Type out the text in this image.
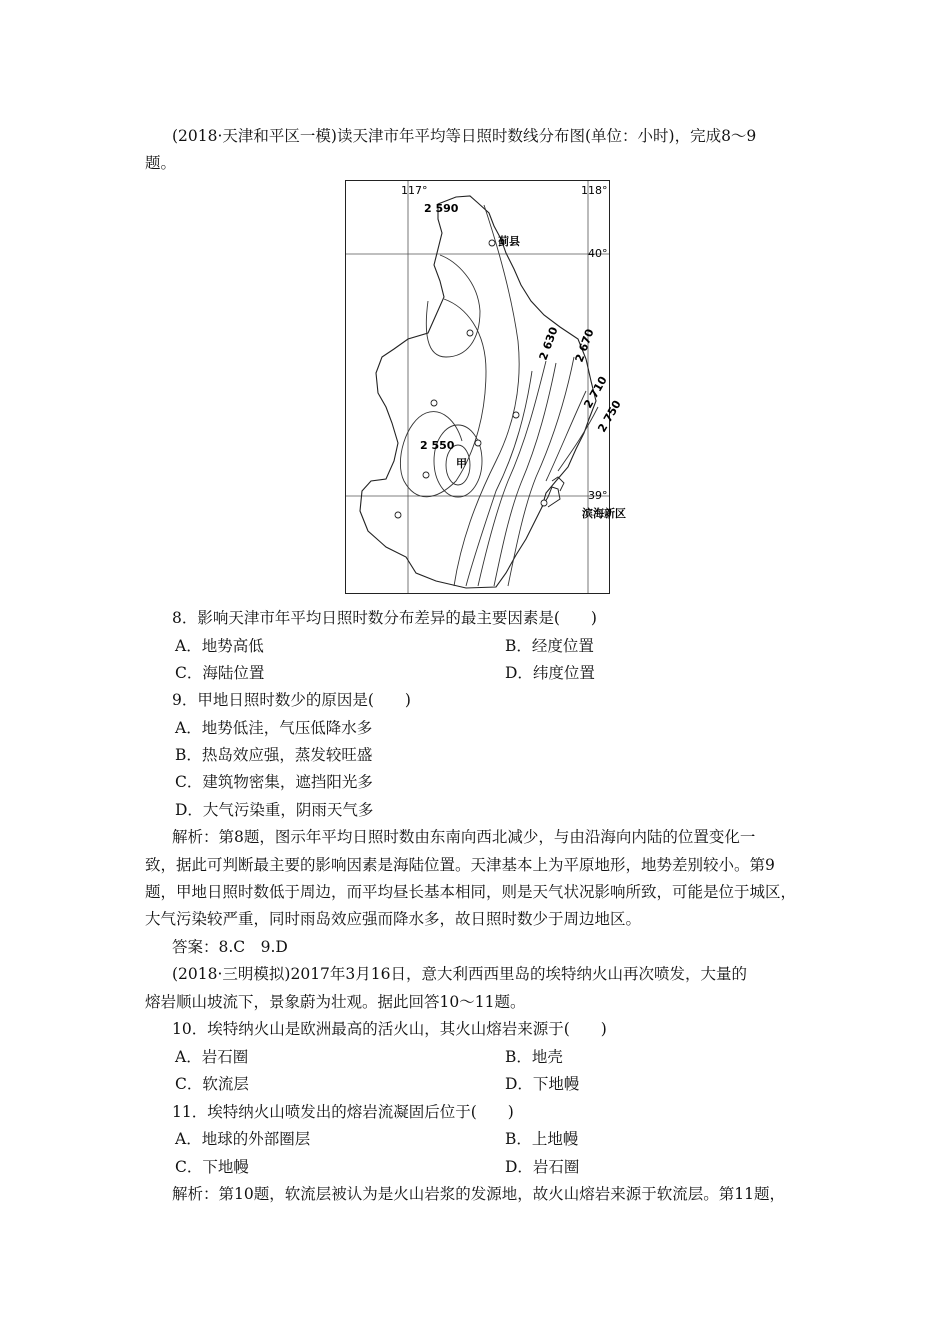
(2018·天津和平区一模)读天津市年平均等日照时数线分布图(单位：小时)，完成8～9
题。
117°	118°
40°
39°
2 590
蓟县
2 550
甲
滨海新区
2 630 2 670
2 710
2 750
8．影响天津市年平均日照时数分布差异的最主要因素是(　　)
A．地势高低	B．经度位置
C．海陆位置	D．纬度位置
9．甲地日照时数少的原因是(　　)
A．地势低洼，气压低降水多
B．热岛效应强，蒸发较旺盛
C．建筑物密集，遮挡阳光多
D．大气污染重，阴雨天气多
解析：第8题，图示年平均日照时数由东南向西北减少，与由沿海向内陆的位置变化一
致，据此可判断最主要的影响因素是海陆位置。天津基本上为平原地形，地势差别较小。第9
题，甲地日照时数低于周边，而平均昼长基本相同，则是天气状况影响所致，可能是位于城区，
大气污染较严重，同时雨岛效应强而降水多，故日照时数少于周边地区。
答案：8.C　9.D
(2018·三明模拟)2017年3月16日，意大利西西里岛的埃特纳火山再次喷发，大量的
熔岩顺山坡流下，景象蔚为壮观。据此回答10～11题。
10．埃特纳火山是欧洲最高的活火山，其火山熔岩来源于(　　)
A．岩石圈	B．地壳
C．软流层	D．下地幔
11．埃特纳火山喷发出的熔岩流凝固后位于(　　)
A．地球的外部圈层	B．上地幔
C．下地幔	D．岩石圈
解析：第10题，软流层被认为是火山岩浆的发源地，故火山熔岩来源于软流层。第11题，
